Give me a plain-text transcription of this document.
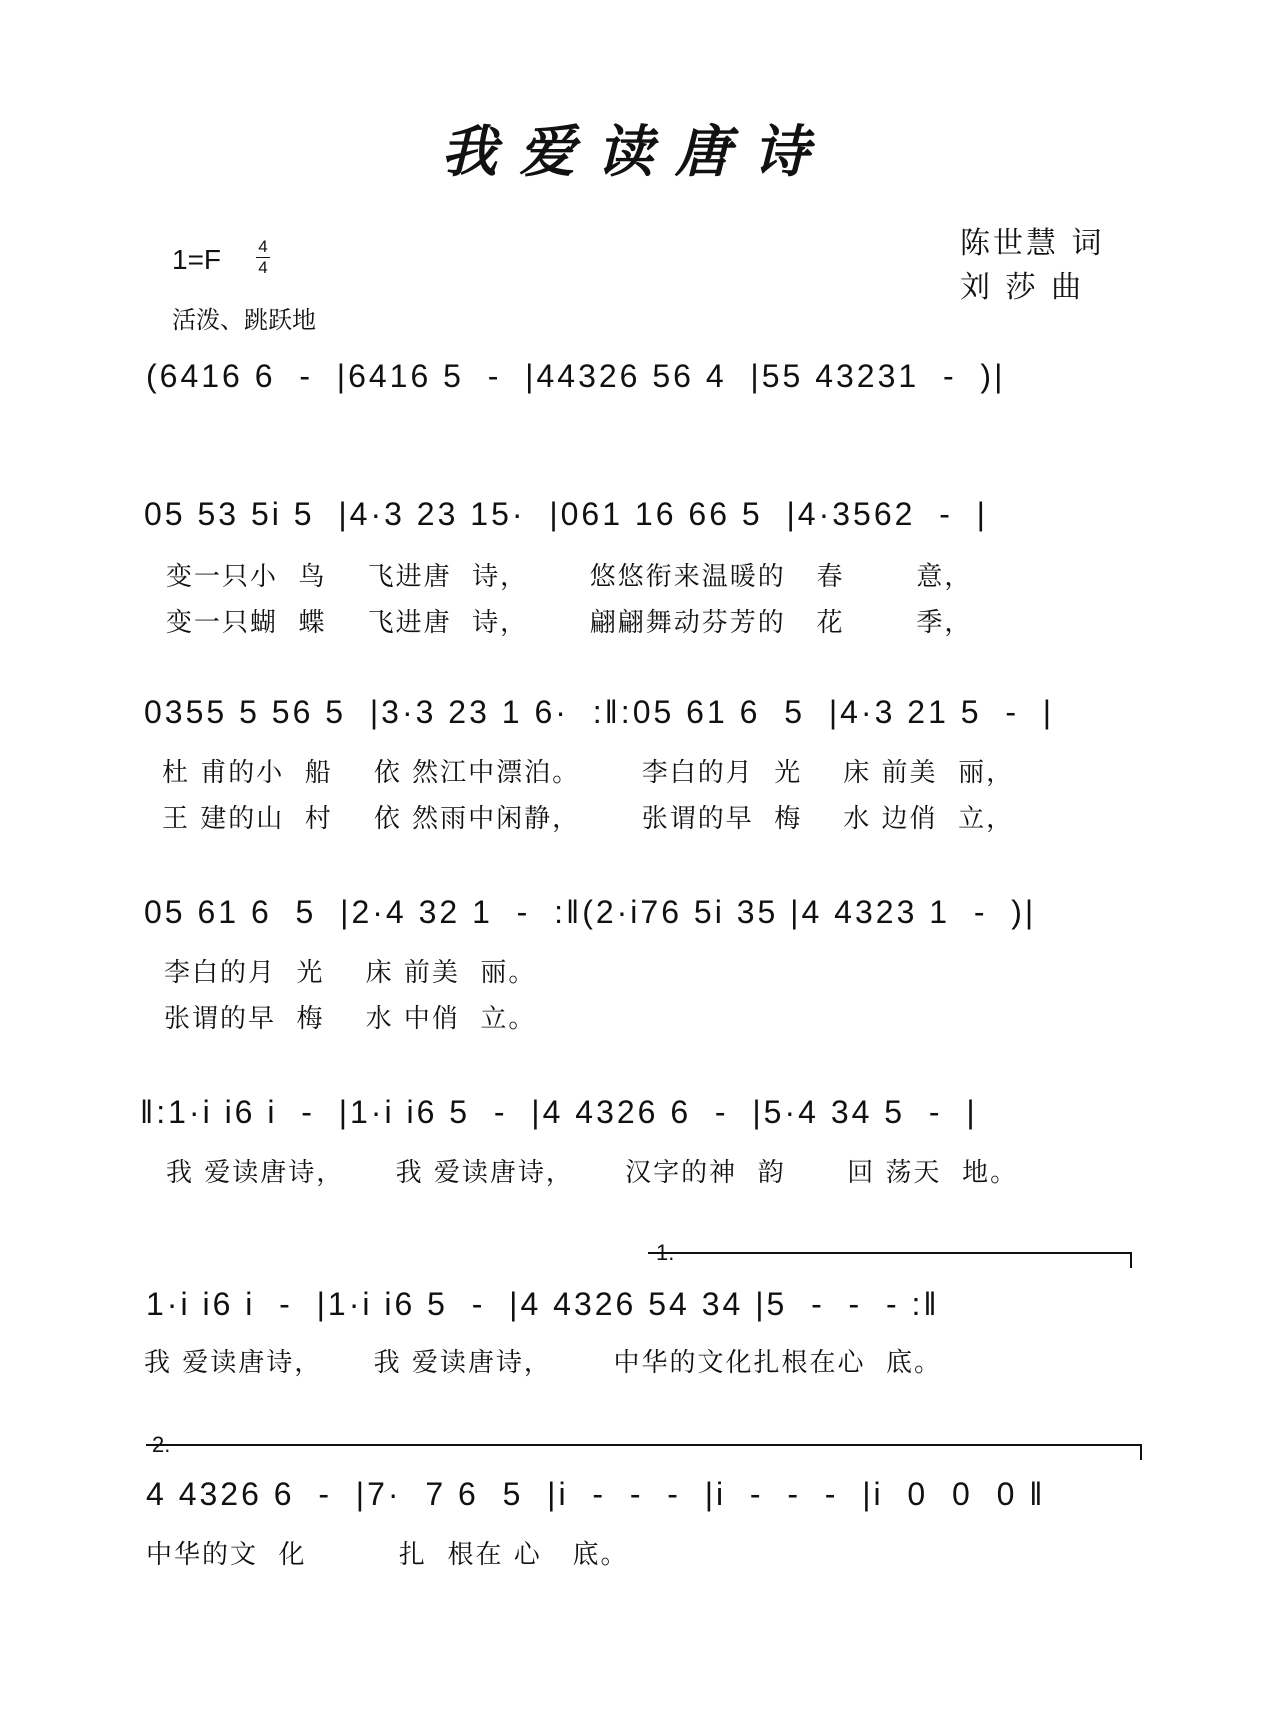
我爱读唐诗
1=F 4
4
活泼、跳跃地
陈世慧 词
刘 莎 曲
(6416 6  -  |6416 5  -  |44326 56 4  |55 43231  -  )|
05 53 5i 5  |4·3 23 15·  |061 16 66 5  |4·3562  -  |
变一只小  鸟    飞进唐  诗，      悠悠衔来温暖的   春       意，
变一只蝴  蝶    飞进唐  诗，      翩翩舞动芬芳的   花       季，
0355 5 56 5  |3·3 23 1 6·  :‖:05 61 6  5  |4·3 21 5  -  |
杜 甫的小  船    依 然江中漂泊。      李白的月  光    床 前美  丽，
王 建的山  村    依 然雨中闲静，      张谓的早  梅    水 边俏  立，
05 61 6  5  |2·4 32 1  -  :‖(2·i76 5i 35 |4 4323 1  -  )|
李白的月  光    床 前美  丽。
张谓的早  梅    水 中俏  立。
‖:1·i i6 i  -  |1·i i6 5  -  |4 4326 6  -  |5·4 34 5  -  |
我 爱读唐诗，     我 爱读唐诗，     汉字的神  韵      回 荡天  地。
1.
1·i i6 i  -  |1·i i6 5  -  |4 4326 54 34 |5  -  -  - :‖
我 爱读唐诗，     我 爱读唐诗，      中华的文化扎根在心  底。
2.
4 4326 6  -  |7·  7 6  5  |i  -  -  -  |i  -  -  -  |i  0  0  0 ‖
中华的文  化         扎  根在 心   底。
